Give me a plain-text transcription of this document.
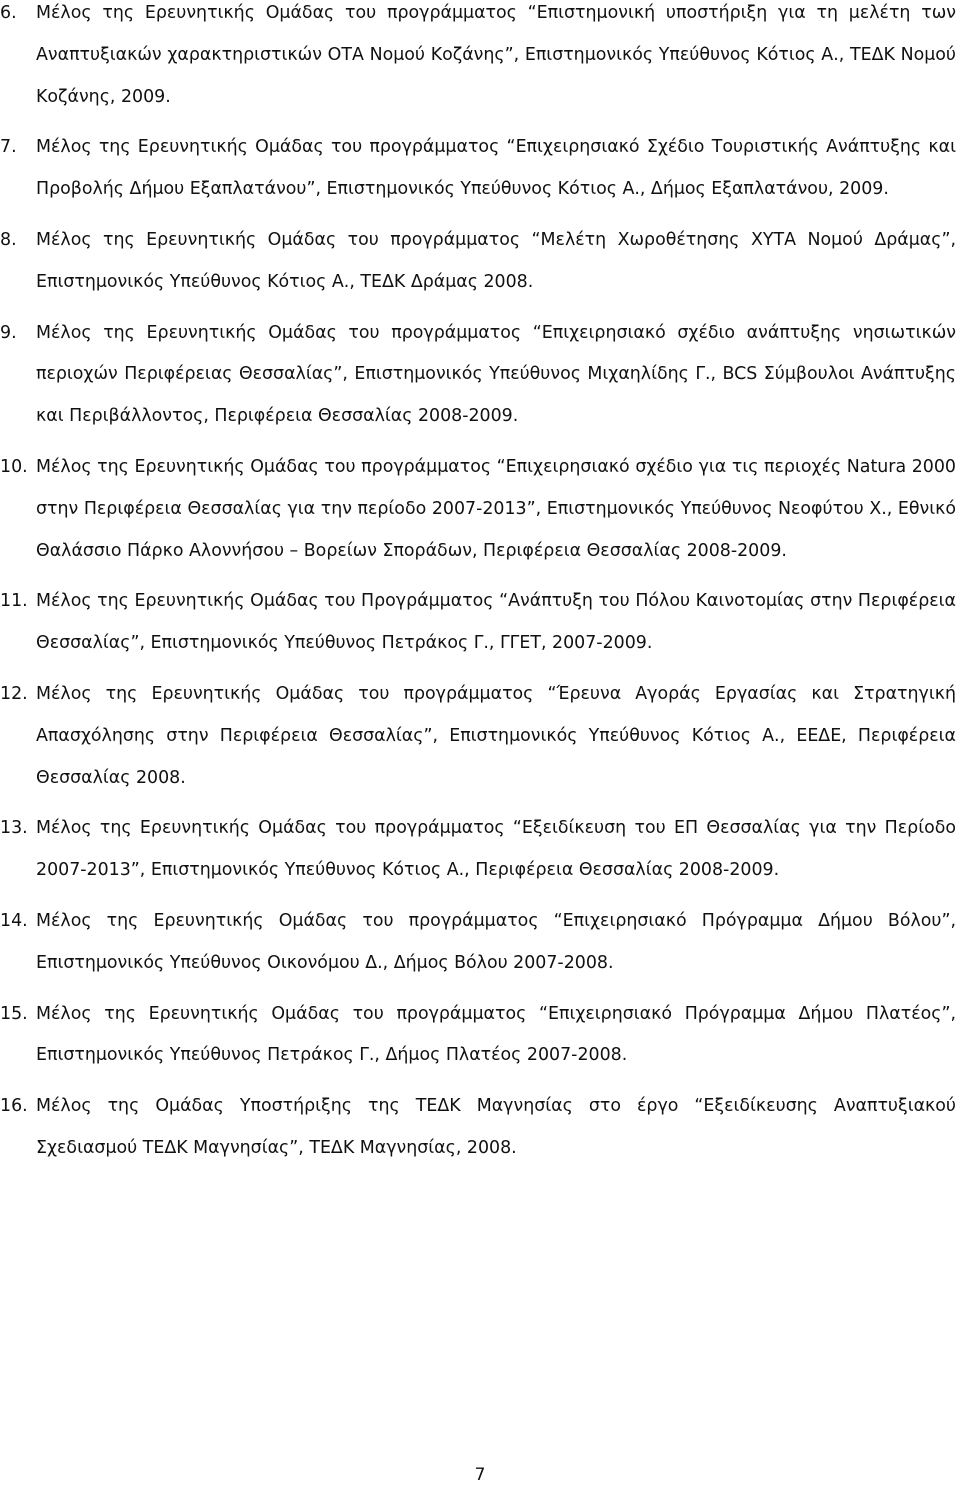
6.	Μέλος της Ερευνητικής Ομάδας του προγράμματος “Επιστημονική υποστήριξη για τη μελέτη των Αναπτυξιακών χαρακτηριστικών ΟΤΑ Νομού Κοζάνης”, Επιστημονικός Υπεύθυνος Κότιος Α., ΤΕΔΚ Νομού Κοζάνης, 2009.
7.	Μέλος της Ερευνητικής Ομάδας του προγράμματος “Επιχειρησιακό Σχέδιο Τουριστικής Ανάπτυξης και Προβολής Δήμου Εξαπλατάνου”, Επιστημονικός Υπεύθυνος Κότιος Α., Δήμος Εξαπλατάνου, 2009.
8.	Μέλος της Ερευνητικής Ομάδας του προγράμματος “Μελέτη Χωροθέτησης ΧΥΤΑ Νομού Δράμας”, Επιστημονικός Υπεύθυνος Κότιος Α., ΤΕΔΚ Δράμας 2008.
9.	Μέλος της Ερευνητικής Ομάδας του προγράμματος “Επιχειρησιακό σχέδιο ανάπτυξης νησιωτικών περιοχών Περιφέρειας Θεσσαλίας”, Επιστημονικός Υπεύθυνος Μιχαηλίδης Γ., BCS Σύμβουλοι Ανάπτυξης και Περιβάλλοντος, Περιφέρεια Θεσσαλίας 2008-2009.
10. Μέλος της Ερευνητικής Ομάδας του προγράμματος “Επιχειρησιακό σχέδιο για τις περιοχές Natura 2000 στην Περιφέρεια Θεσσαλίας για την περίοδο 2007-2013”, Επιστημονικός Υπεύθυνος Νεοφύτου Χ., Εθνικό Θαλάσσιο Πάρκο Αλοννήσου – Βορείων Σποράδων, Περιφέρεια Θεσσαλίας 2008-2009.
11. Μέλος της Ερευνητικής Ομάδας του Προγράμματος “Ανάπτυξη του Πόλου Καινοτομίας στην Περιφέρεια Θεσσαλίας”, Επιστημονικός Υπεύθυνος Πετράκος Γ., ΓΓΕΤ, 2007-2009.
12. Μέλος της Ερευνητικής Ομάδας του προγράμματος “Έρευνα Αγοράς Εργασίας και Στρατηγική Απασχόλησης στην Περιφέρεια Θεσσαλίας”, Επιστημονικός Υπεύθυνος Κότιος Α., ΕΕΔΕ, Περιφέρεια Θεσσαλίας 2008.
13. Μέλος της Ερευνητικής Ομάδας του προγράμματος “Εξειδίκευση του ΕΠ Θεσσαλίας για την Περίοδο 2007-2013”, Επιστημονικός Υπεύθυνος Κότιος Α., Περιφέρεια Θεσσαλίας 2008-2009.
14. Μέλος της Ερευνητικής Ομάδας του προγράμματος “Επιχειρησιακό Πρόγραμμα Δήμου Βόλου”, Επιστημονικός Υπεύθυνος Οικονόμου Δ., Δήμος Βόλου 2007-2008.
15. Μέλος της Ερευνητικής Ομάδας του προγράμματος “Επιχειρησιακό Πρόγραμμα Δήμου Πλατέος”, Επιστημονικός Υπεύθυνος Πετράκος Γ., Δήμος Πλατέος 2007-2008.
16. Μέλος της Ομάδας Υποστήριξης της ΤΕΔΚ Μαγνησίας στο έργο “Εξειδίκευσης Αναπτυξιακού Σχεδιασμού ΤΕΔΚ Μαγνησίας”, ΤΕΔΚ Μαγνησίας, 2008.
7
